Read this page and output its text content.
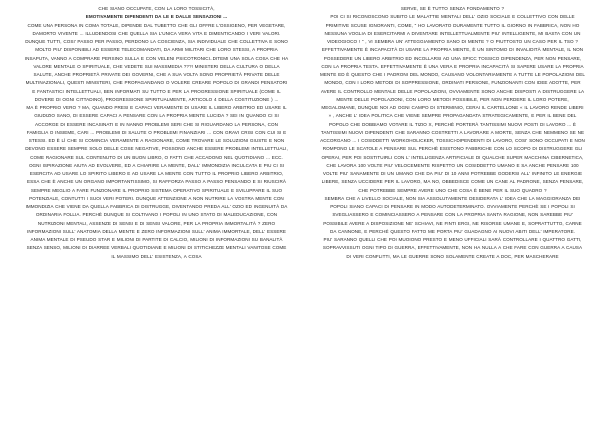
CHE SIANO OCCUPATE, CON LA LORO TOSSICITÀ,

EMOTIVAMENTE DIPENDENTI DA LE E DALLE SENSAZIONI ...

COME UNA PERSONA IN COMA TOTALE, DIPENDE DAL TUBETTO CHE GLI OFFRE L'OSSIGENO, PER VEGETARE, DAMORTO VIVENTE ... ILLUDENDOSI CHE QUELLA SIA L'UNICA VERA VITA E DIMENTICANDO I VERI VALORI. DUNQUE TUTTI, COSI' PASSO PER PASSO, PERDONO LA COSCIENZA, SIA INDIVIDUALE CHE COLLETTIVA E SONO MOLTO PIU' DISPONIBILI AD ESSERE TELECOMANDATI, DA ARMI MILITARI CHE LORO STESSI, A PROPRIA INSAPUTA, VANNO A COMPRARE PERSINO SULLA E CON VELENI PSICOTRONICI..DITEMI UNA SOLA COSA CHE HA VALORE MENTALE O SPIRITUALE, CHE VEDETE SUI MASSMEDIA ???! MINISTERI DELLA CULTURA O DELLA SALUTE, ANCHE PROPRIETÀ PRIVATE DEI GOVERNI, CHE A SUA VOLTA SONO PROPRIETÀ PRIVATE DELLE MULTINAZIONALI, QUESTI MINISTERI, CHE PROPAGANDANO O VOLERE CREARE POPOLO DI GRANDI PENSATORI E FANTASTICI INTELLETTUALI, BEN INFORMATI SU TUTTO E PER LA PROGRESSIONE SPIRITUALE (COME IL DOVERE DI OGNI CITTADINO), PROGRESSIONE SPIRITUALMENTE, ARTICOLO 4 DELLA COSTITUZIONE ) ...
MA È PROPRIO VERO ? MA, QUANDO PRESI E CAPACI VERAMENTE DI USARE IL LIBERO ARBITRIO ED USARE IL GIUDIZIO SANO, DI ESSERE CAPACI A PENSARE CON LA PROPRIA MENTE LUCIDA ? SEI IN QUANDO CI SI ACCORGE DI ESSERE INCASINATI E IN NANNO PROBLEMI SERI CHE SI RIGUARDANO LA PERSONA, CON FAMIGLIA O INSIEME, CARI ... PROBLEMI DI SALUTE O PROBLEMI FINANZIARI ... CON GRAVI CRISI CON CUI SI E STESSI. ED È LÌ CHE SI COMINCIA VERAMENTE A RAGIONARE, COME TROVARE LE SOLUZIONI GIUSTE E NON DEVONO ESSERE SEMPRE SOLO DELLE COSE NEGATIVE, POSSONO ANCHE ESSERE PROBLEMI INTELLETTUALI, COME RAGIONARE SUL CONTENUTO DI UN BUON LIBRO, O FATTI CHE ACCADONO NEL QUOTIDIANO ... ECC. OGNI ISPIRAZIONE AIUTA AD EVOLVERE, ED A CHIARIRE LA MENTE, DALL' IMMONDIZIA INCULCATA E PIU CI SI ESERCITA AD USARE LO SPIRITO LIBERO E AD USARE LA MENTE CON TUTTO IL PROPRIO LIBERO ARBITRIO, ESSA CHE È ANCHE UN ORGANO IMPORTANTISSIMO, SI RAFFORZA PASSO A PASSO PENSANDO E SI RIUSCIRÀ SEMPRE MEGLIO A FARE FUNZIONARE IL PROPRIO SISTEMA OPERATIVO SPIRITUALE E SVILUPPARE IL SUO POTENZIALE, CONTUTTI I SUOI VERI POTERI. DUNQUE ATTENZIONE A NON NUTRIRE LA VOSTRA MENTE CON IMMONDIZIA CHE VIENE DA QUELLA FABBRICA DI DISTRUGGE, DIVENTANDO PREDA ALL' OZIO ED INGENUITÀ DA ORDINARIA FOLLIA. PERCHÉ DUNQUE SI COLTIVANO I POPOLI IN UNO STATO DI MALEDUCAZIONE, CON NUTRIZIONI MENTALI, ASSENZE DI SENSI E DI SENSI VALORE, PER LA PROPRIA IMMORTALITÀ ? ZERO INFORMAZIONI SULL' ANATOMIA DELLA MENTE E ZERO INFORMAZIONI SULL' ANIMA IMMORTALE, DELL' ESSERE ANIMA MENTALE DI PSEUDO STAR E MILIONI DI PARTITE DI CALCIO, MILIONI DI INFORMAZIONI SU BANALITÀ SENZA SENSO, MILIONI DI DIARREE VERBALI QUOTIDIANE E MILIONI DI STITICHEZZE MENTALI VANITOSE COME IL MASSIMO DELL' ESISTENZA, A COSA

SERVE, SE È TUTTO SENZA FONDAMENTO ?
POI CI SI RICONOSCONO SUBITO LE MALATTIE MENTALI DELL' OZIO SOCIALE E COLLETTIVO CON DELLE PRIMITIVE SCUSE IGNORANTI, COME, " HO LAVORATO DURAMENTE TUTTO IL GIORNO IN FABBRICA, NON HO NESSUNA VOGLIA DI ESERCITARMI A DIVENTARE INTELLETTUALMENTE PIU' INTELLIGENTE, MI BASTA CON UN VIDEOGIOCO ! " , VI SEMBRA UN' ATTEGGIAMENTO SANO DI MENTE ? O PIUTTOSTO UN CASO PER IL TSO ? EFFETTIVAMENTE È INCAPACITÀ DI USARE LA PROPRIA MENTE, È UN SINTOMO DI INVALIDITÀ MENTALE, IL NON POSSEDERE UN LIBERO ARBITRIO ED INCOLLARSI AD UNA SPICC TOSSICO DIPENDENZA, PER NON PENSARE, CON LA PROPRIA TESTA. EFFETTIVAMENTE È UNA VERA E PROPRIA INCAPACITÀ SI SAPERE USARE LA PROPRIA MENTE ED È QUESTO CHE I PADRONI DEL MONDO, CAUSANO VOLONTARIAMENTE A TUTTE LE POPOLAZIONI DEL MONDO, CON I LORO METODI DI SOPPRESSIONE, ORDINATI PERSONE, FUNZIONANTI CON IDEE ADOTTE, PER AVERE IL CONTROLLO MENTALE DELLE POPOLAZIONI, OVVIAMENTE SONO ANCHE DISPOSTI A DISTRUGGERE LA MENTE DELLE POPOLAZIONI, CON LORO METODI POSSIBILE, PER NON PERDERE IL LORO POTERE, MEGALOMANE, DUNQUE NOI AD OGNI CAMPO DI STERMINIO, CERAI IL CARTELLONE « IL LAVORO RENDE LIBERI » , ANCHE L' IDEA POLITICA CHE VIENE SEMPRE PROPAGANDATA STRATEGICAMENTE, E PER IL BENE DEL POPOLO CHE DOBBIAMO VOTARE IL TIZIO X, PERCHÈ PORTERÀ TANTISSIMI NUOVI POSTI DI LAVORO ... È TANTISSIMI NUOVI DIPENDENTI CHE SARANNO COSTRETTI A LAVORARE A MORTE, SENZA CHE NEMMENO SE NE ACCORGANO ... I COSIDDETTI WORKOHOLICKER, TOSSICI-DIPENDENTI DI LAVORO, COSI' SONO OCCUPATI E NON ROMPONO LE SCATOLE A PENSARE SUL PERCHÈ ESISTONO FABBRICHE CON LO SCOPO DI DISTRUGGERE GLI OPERAI, PER POI SOSTITUIRLI CON L' INTELLIGENZA ARTIFICIALE DI QUALCHE SUPER MACCHINA CIBERNETICA, CHE LAVORA 100 VOLTE PIU' VELOCEMENTE RISPETTO UN COSIDDETTO UMANO E SA ANCHE PENSARE 100 VOLTE PIU' SANAMENTE DI UN UMANO CHE DA PIU' DI 10 ANNI POTREBBE GODERSI ALL' INFINITO LE ENERGIE LIBERE, SENZA UCCIDERE PER IL LAVORO, MA NO, OBBEDISCE COME UN CANE AL PADRONE, SENZA PENSARE, CHE POTREBBE SEMPRE AVERE UNO CHE COSA È BENE PER IL SUO QUADRO ?
SEMBRA CHE A LIVELLO SOCIALE, NON SIA ASSOLUTAMENTE DESIDERATA L' IDEA CHE LA MAGGIORANZA DEI POPOLI SIANO CAPACI DI PENSARE IN MODO AUTODETERMINATO. OVVIAMENTE PERCHÈ SE I POPOLI SI SVEGLIASSERO E COMINCIASSERO A PENSARE CON LA PROPRIA SANTA RAGIONE, NON SAREBBE PIU' POSSIBILE AVERE A DISPOSIZIONE NE' SCHIAVI, NE FINTI ERGI, NE RISORSE UMANE E, SOPRATTUTTO, CARNE DA CANNONE, E PERCHÉ QUESTO FATTO ME PORTA PIU' GUADAGNO AI NUOVI ABITI DELL' IMPERATORE.
PIU' SARANNO QUELLI CHE POI MUOIONO PRESTO E MENO UFFICIALI SARÀ CONTROLLARE I QUATTRO GATTI, SOPRAVVISSUTI OGNI TIPO DI GUERRA, EFFETTIVAMENTE, NON HA NULLA A CHE FARE CON GUERRA A CAUSA DI VERI CONFLITTI, MA LE GUERRE SONO SOLAMENTE CREATE A DOC, PER MASCHERARE
